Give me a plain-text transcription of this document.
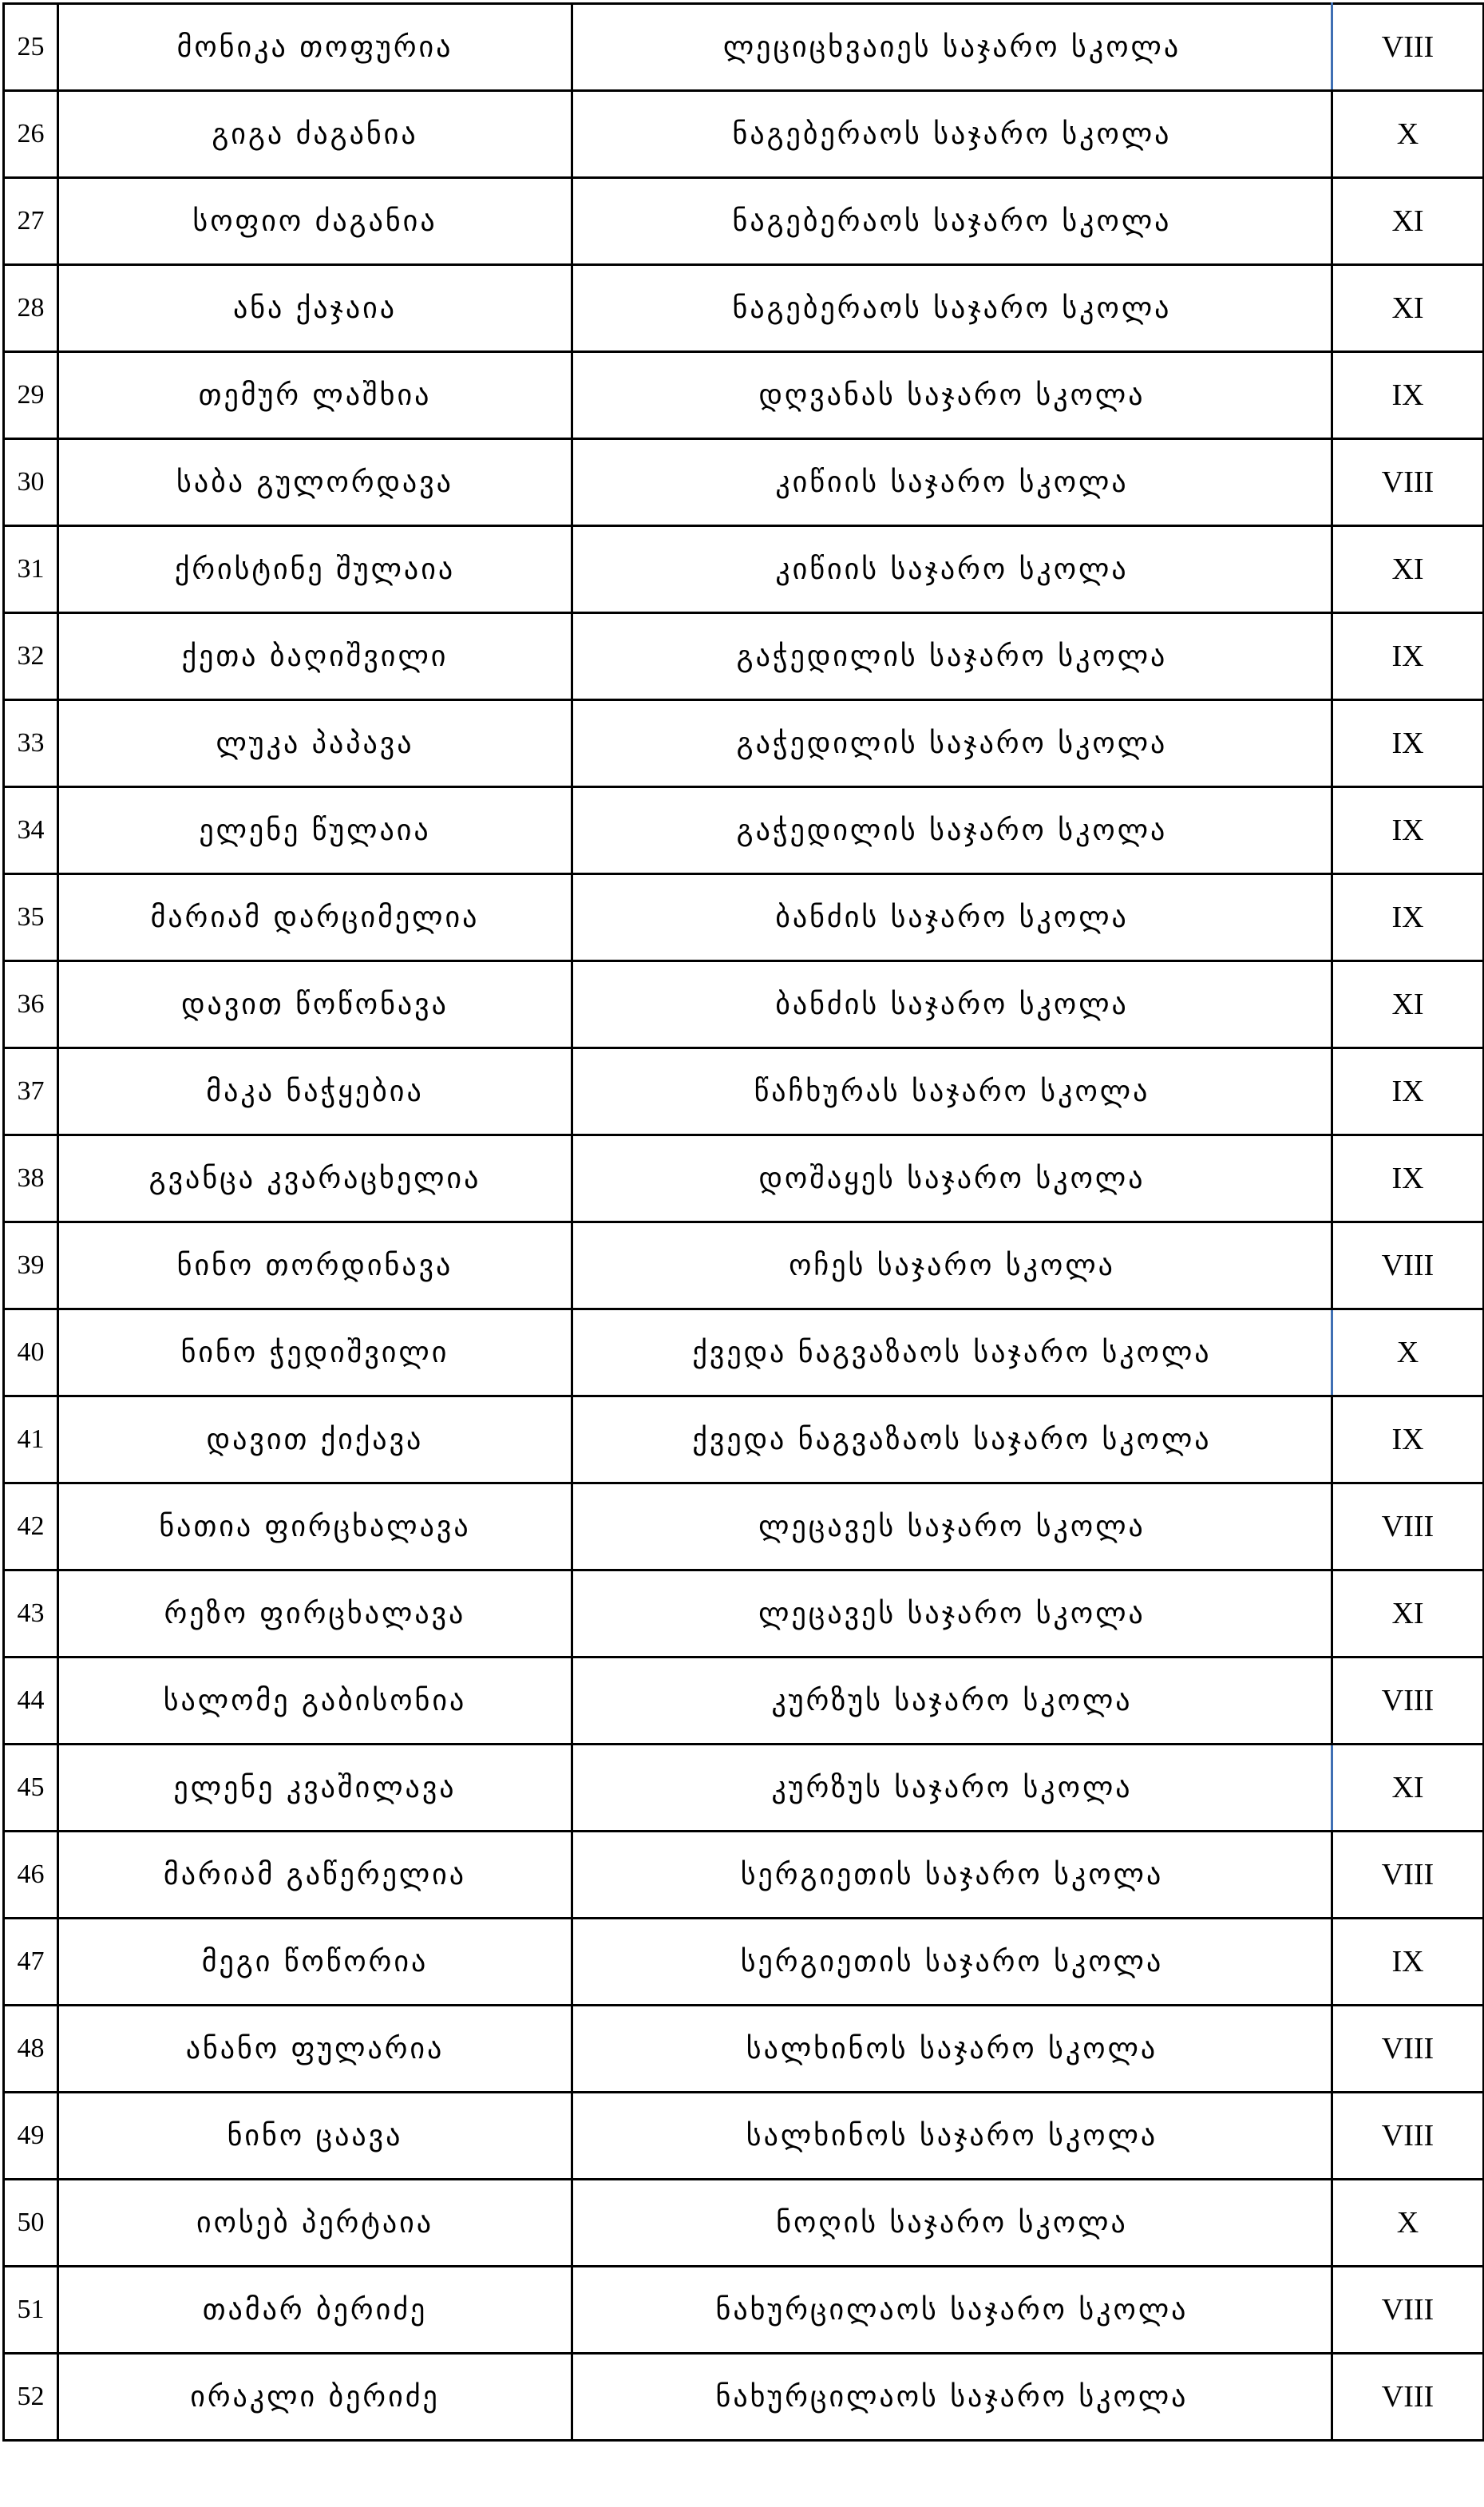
25	მონიკა თოფურია	ლეციცხვაიეს საჯარო სკოლა	VIII
26	გიგა ძაგანია	ნაგებერაოს საჯარო სკოლა	X
27	სოფიო ძაგანია	ნაგებერაოს საჯარო სკოლა	XI
28	ანა ქაჯაია	ნაგებერაოს საჯარო სკოლა	XI
29	თემურ ლაშხია	დღვანას საჯარო სკოლა	IX
30	საბა გულორდავა	კიწიის საჯარო სკოლა	VIII
31	ქრისტინე შულაია	კიწიის საჯარო სკოლა	XI
32	ქეთა ბაღიშვილი	გაჭედილის საჯარო სკოლა	IX
33	ლუკა პაპავა	გაჭედილის საჯარო სკოლა	IX
34	ელენე წულაია	გაჭედილის საჯარო სკოლა	IX
35	მარიამ დარციმელია	ბანძის საჯარო სკოლა	IX
36	დავით წოწონავა	ბანძის საჯარო სკოლა	XI
37	მაკა ნაჭყებია	წაჩხურას საჯარო სკოლა	IX
38	გვანცა კვარაცხელია	დოშაყეს საჯარო სკოლა	IX
39	ნინო თორდინავა	ოჩეს საჯარო სკოლა	VIII
40	ნინო ჭედიშვილი	ქვედა ნაგვაზაოს საჯარო სკოლა	X
41	დავით ქიქავა	ქვედა ნაგვაზაოს საჯარო სკოლა	IX
42	ნათია ფირცხალავა	ლეცავეს საჯარო სკოლა	VIII
43	რეზო ფირცხალავა	ლეცავეს საჯარო სკოლა	XI
44	სალომე გაბისონია	კურზუს საჯარო სკოლა	VIII
45	ელენე კვაშილავა	კურზუს საჯარო სკოლა	XI
46	მარიამ გაწერელია	სერგიეთის საჯარო სკოლა	VIII
47	მეგი წოწორია	სერგიეთის საჯარო სკოლა	IX
48	ანანო ფულარია	სალხინოს საჯარო სკოლა	VIII
49	ნინო ცაავა	სალხინოს საჯარო სკოლა	VIII
50	იოსებ პერტაია	ნოღის საჯარო სკოლა	X
51	თამარ ბერიძე	ნახურცილაოს საჯარო სკოლა	VIII
52	ირაკლი ბერიძე	ნახურცილაოს საჯარო სკოლა	VIII
